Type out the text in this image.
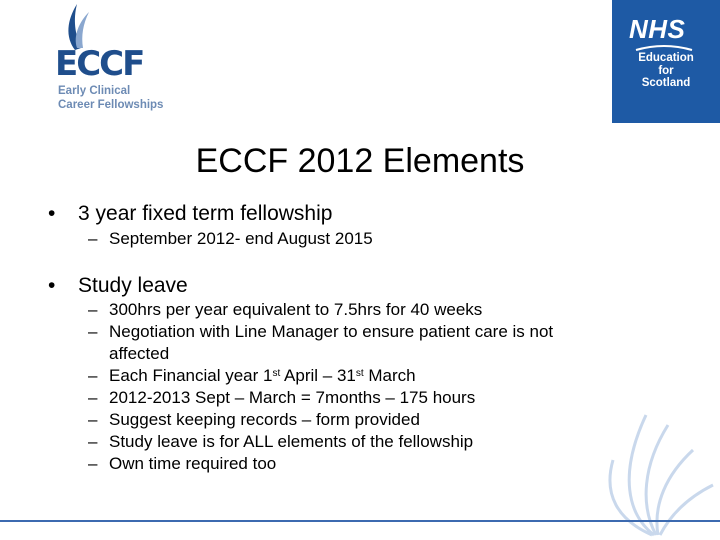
ECCF
Early Clinical
Career Fellowships
NHS
Education
for
Scotland
ECCF 2012 Elements
• 3 year fixed term fellowship
– September 2012- end August 2015
• Study leave
– 300hrs per year equivalent to 7.5hrs for 40 weeks
– Negotiation with Line Manager to ensure patient care is not
affected
– Each Financial year 1st April – 31st March
– 2012-2013 Sept – March = 7months – 175 hours
– Suggest keeping records – form provided
– Study leave is for ALL elements of the fellowship
– Own time required too
